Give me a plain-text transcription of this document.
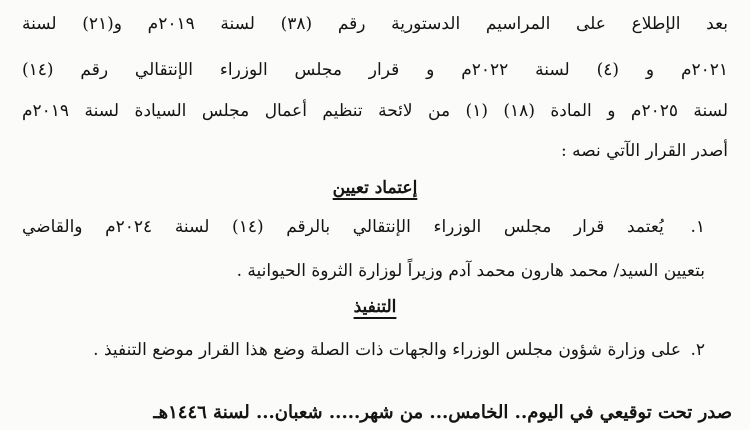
بعد الإطلاع على المراسيم الدستورية رقم (٣٨) لسنة ٢٠١٩م و(٢١) لسنة
٢٠٢١م و (٤) لسنة ٢٠٢٢م و قرار مجلس الوزراء الإنتقالي رقم (١٤)
لسنة ٢٠٢٥م و المادة (١٨) (١) من لائحة تنظيم أعمال مجلس السيادة لسنة ٢٠١٩م
أصدر القرار الآتي نصه :
إعتماد تعيين
١. يُعتمد قرار مجلس الوزراء الإنتقالي بالرقم (١٤) لسنة ٢٠٢٤م والقاضي
بتعيين السيد/ محمد هارون محمد آدم وزيراً لوزارة الثروة الحيوانية .
التنفيذ
٢. على وزارة شؤون مجلس الوزراء والجهات ذات الصلة وضع هذا القرار موضع التنفيذ .
صدر تحت توقيعي في اليوم.. الخامس... من شهر..... شعبان... لسنة ١٤٤٦هـ
